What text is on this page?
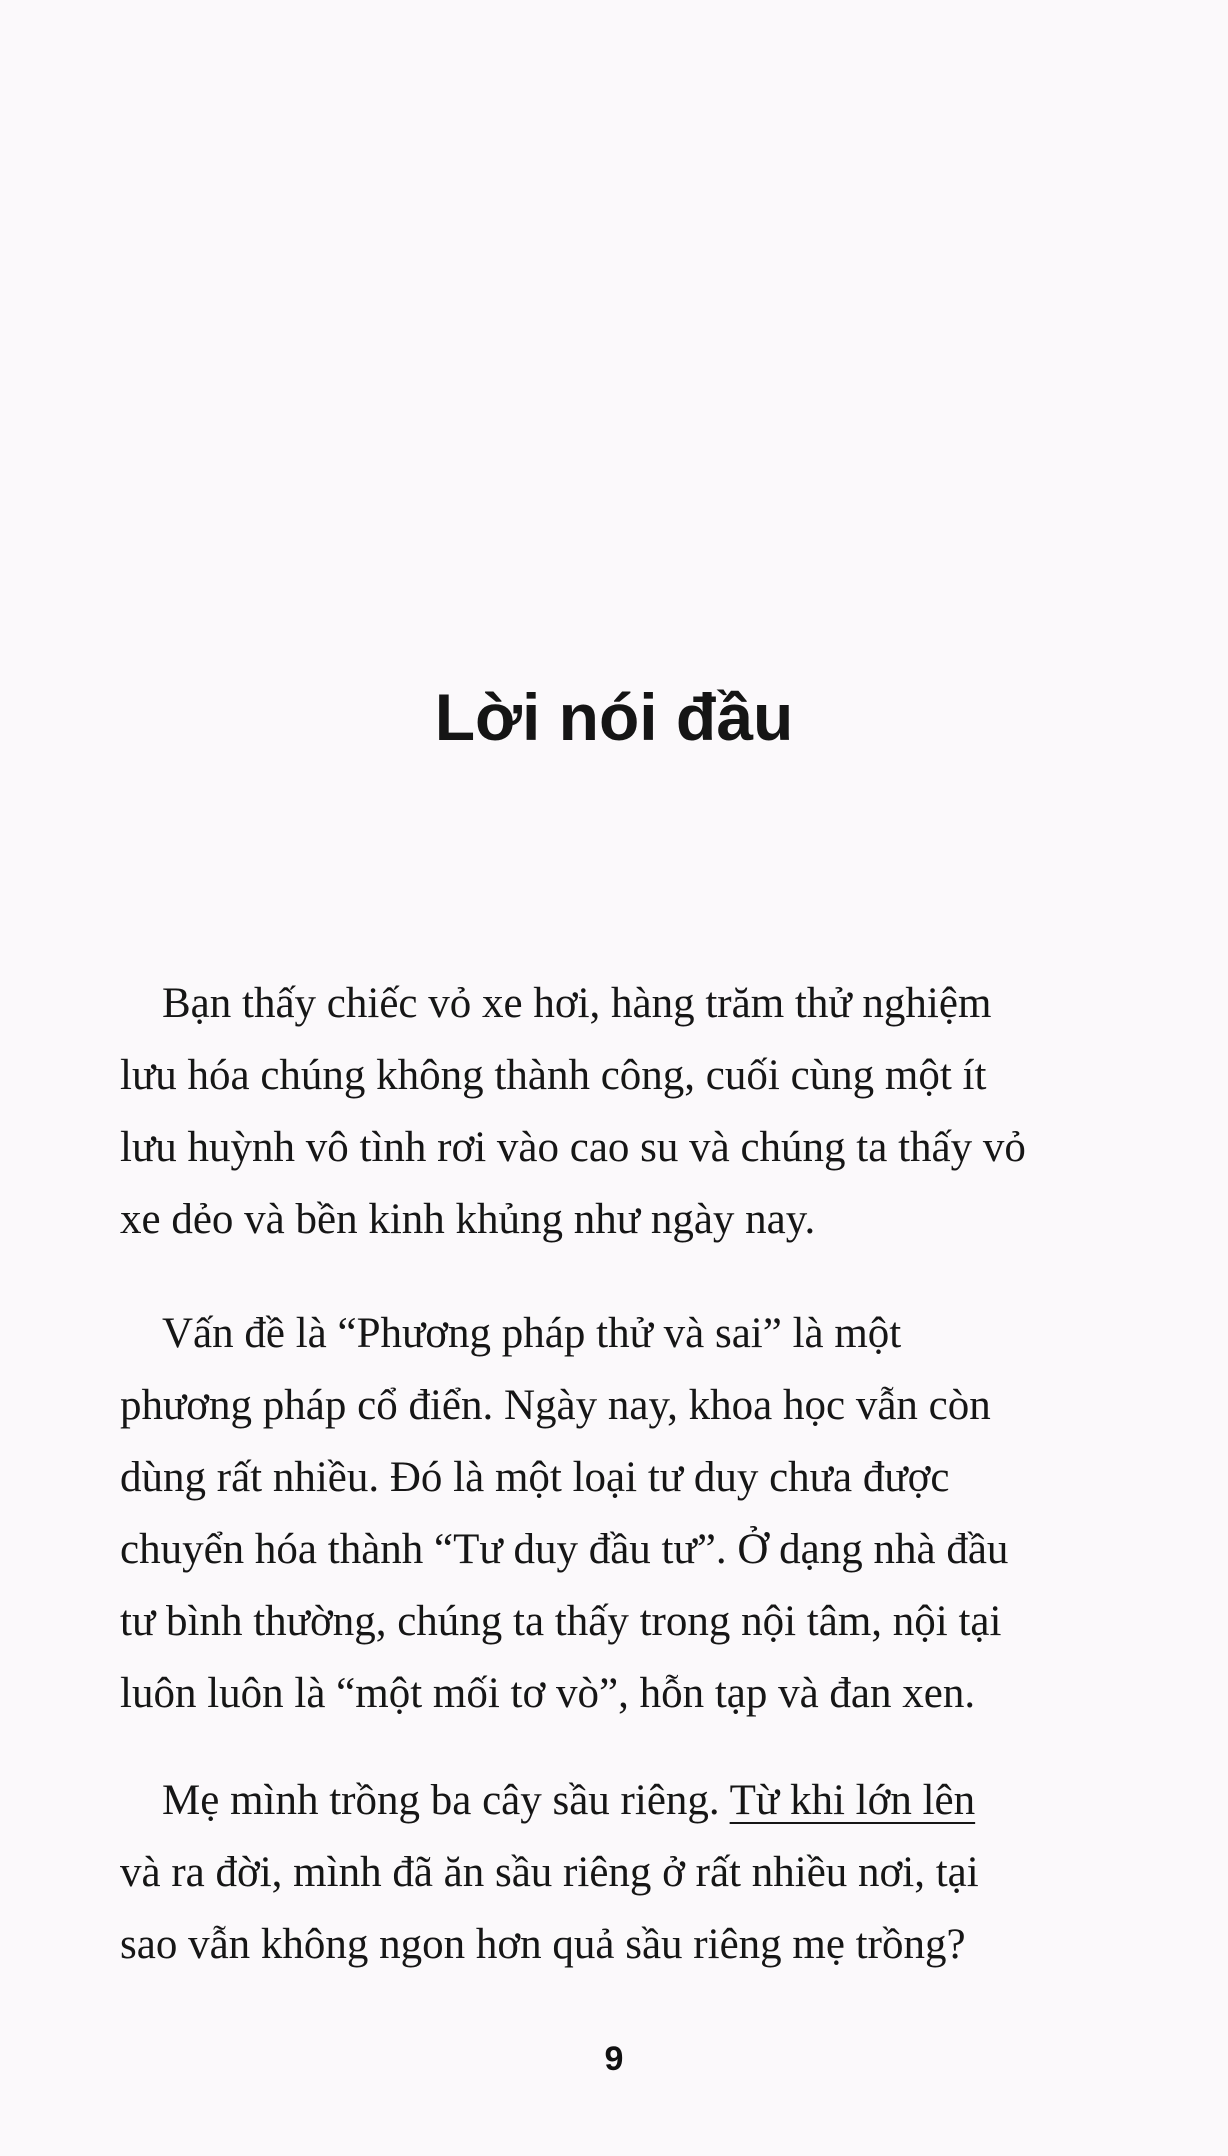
Lời nói đầu
Bạn thấy chiếc vỏ xe hơi, hàng trăm thử nghiệm
lưu hóa chúng không thành công, cuối cùng một ít
lưu huỳnh vô tình rơi vào cao su và chúng ta thấy vỏ
xe dẻo và bền kinh khủng như ngày nay.
Vấn đề là “Phương pháp thử và sai” là một
phương pháp cổ điển. Ngày nay, khoa học vẫn còn
dùng rất nhiều. Đó là một loại tư duy chưa được
chuyển hóa thành “Tư duy đầu tư”. Ở dạng nhà đầu
tư bình thường, chúng ta thấy trong nội tâm, nội tại
luôn luôn là “một mối tơ vò”, hỗn tạp và đan xen.
Mẹ mình trồng ba cây sầu riêng. Từ khi lớn lên
và ra đời, mình đã ăn sầu riêng ở rất nhiều nơi, tại
sao vẫn không ngon hơn quả sầu riêng mẹ trồng?
9
